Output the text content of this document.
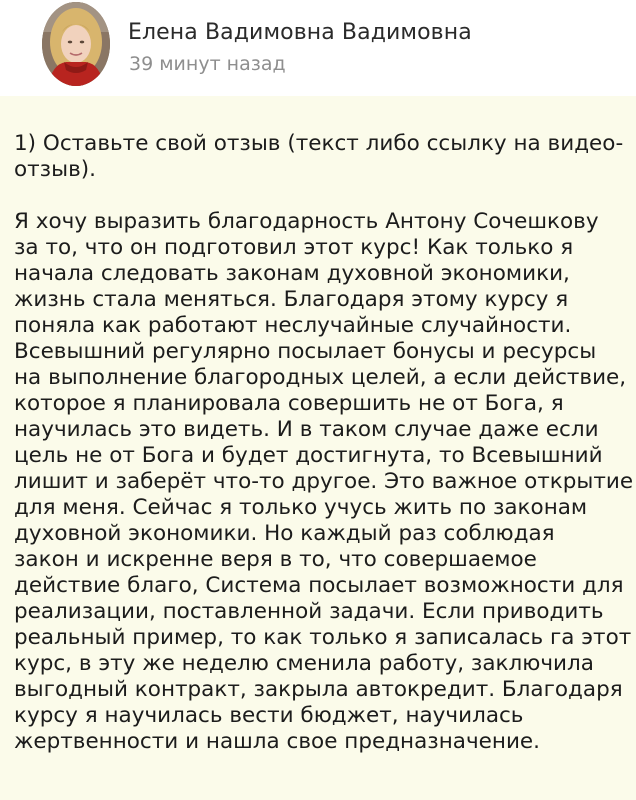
Елена Вадимовна Вадимовна
39 минут назад

1) Оставьте свой отзыв (текст либо ссылку на видео-
отзыв).

Я хочу выразить благодарность Антону Сочешкову
за то, что он подготовил этот курс! Как только я
начала следовать законам духовной экономики,
жизнь стала меняться. Благодаря этому курсу я
поняла как работают неслучайные случайности.
Всевышний регулярно посылает бонусы и ресурсы
на выполнение благородных целей, а если действие,
которое я планировала совершить не от Бога, я
научилась это видеть. И в таком случае даже если
цель не от Бога и будет достигнута, то Всевышний
лишит и заберёт что-то другое. Это важное открытие
для меня. Сейчас я только учусь жить по законам
духовной экономики. Но каждый раз соблюдая
закон и искренне веря в то, что совершаемое
действие благо, Система посылает возможности для
реализации, поставленной задачи. Если приводить
реальный пример, то как только я записалась га этот
курс, в эту же неделю сменила работу, заключила
выгодный контракт, закрыла автокредит. Благодаря
курсу я научилась вести бюджет, научилась
жертвенности и нашла свое предназначение.
